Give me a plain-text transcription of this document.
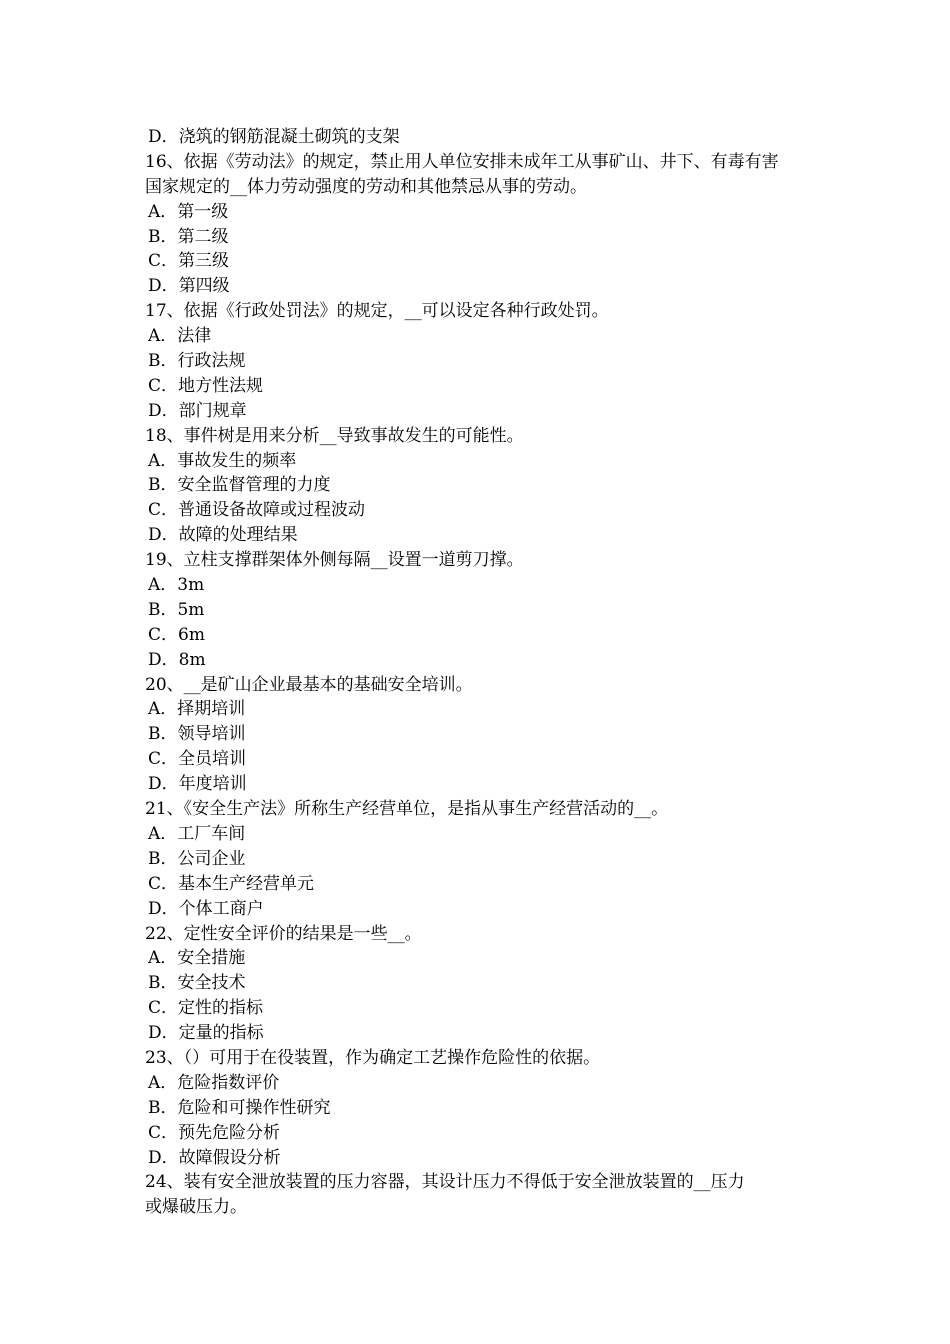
D．浇筑的钢筋混凝土砌筑的支架
16、依据《劳动法》的规定，禁止用人单位安排未成年工从事矿山、井下、有毒有害
国家规定的__体力劳动强度的劳动和其他禁忌从事的劳动。
A．第一级
B．第二级
C．第三级
D．第四级
17、依据《行政处罚法》的规定，__可以设定各种行政处罚。
A．法律
B．行政法规
C．地方性法规
D．部门规章
18、事件树是用来分析__导致事故发生的可能性。
A．事故发生的频率
B．安全监督管理的力度
C．普通设备故障或过程波动
D．故障的处理结果
19、立柱支撑群架体外侧每隔__设置一道剪刀撑。
A．3m
B．5m
C．6m
D．8m
20、__是矿山企业最基本的基础安全培训。
A．择期培训
B．领导培训
C．全员培训
D．年度培训
21、《安全生产法》所称生产经营单位，是指从事生产经营活动的__。
A．工厂车间
B．公司企业
C．基本生产经营单元
D．个体工商户
22、定性安全评价的结果是一些__。
A．安全措施
B．安全技术
C．定性的指标
D．定量的指标
23、（）可用于在役装置，作为确定工艺操作危险性的依据。
A．危险指数评价
B．危险和可操作性研究
C．预先危险分析
D．故障假设分析
24、装有安全泄放装置的压力容器，其设计压力不得低于安全泄放装置的__压力
或爆破压力。
